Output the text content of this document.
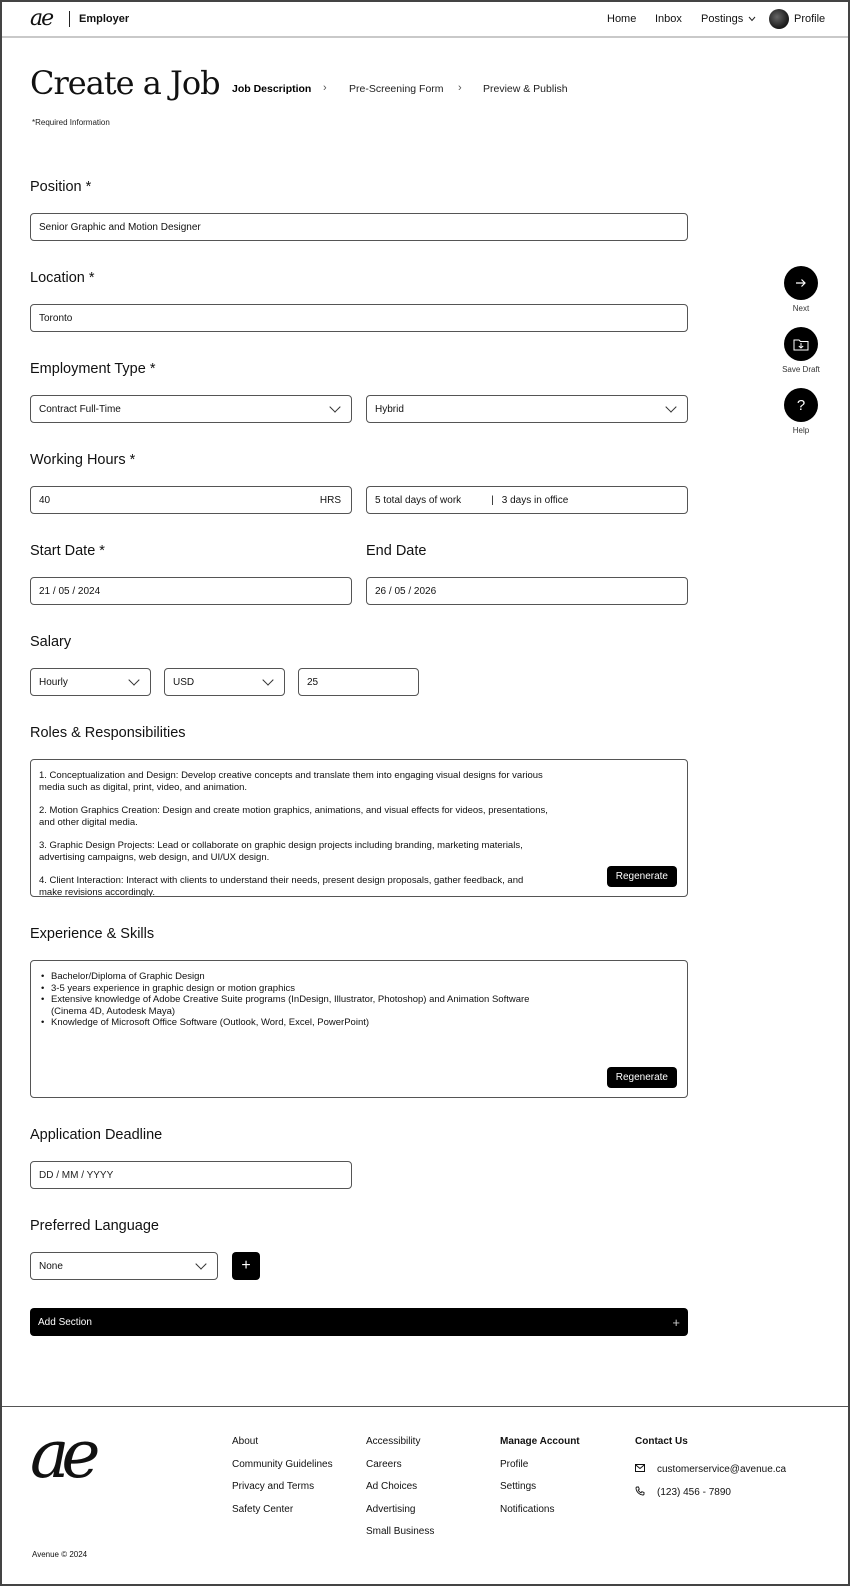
ae Employer	Home Inbox Postings	Profile
Create a Job
*Required Information
Job Description › Pre-Screening Form › Preview & Publish
Position *
Senior Graphic and Motion Designer
Location *
Toronto
Employment Type *
Contract Full-Time	Hybrid
Working Hours *
40	HRS	5 total days of work	| 3 days in office
Start Date *	End Date
21 / 05 / 2024	26 / 05 / 2026
Salary
Hourly	USD	25
Roles & Responsibilities

1. Conceptualization and Design: Develop creative concepts and translate them into engaging visual designs for various media such as digital, print, video, and animation.

2. Motion Graphics Creation: Design and create motion graphics, animations, and visual effects for videos, presentations, and other digital media.

3. Graphic Design Projects: Lead or collaborate on graphic design projects including branding, marketing materials, advertising campaigns, web design, and UI/UX design.

4. Client Interaction: Interact with clients to understand their needs, present design proposals, gather feedback, and make revisions accordingly.

Regenerate
Experience & Skills
• Bachelor/Diploma of Graphic Design
• 3-5 years experience in graphic design or motion graphics
• Extensive knowledge of Adobe Creative Suite programs (InDesign, Illustrator, Photoshop) and Animation Software (Cinema 4D, Autodesk Maya)
• Knowledge of Microsoft Office Software (Outlook, Word, Excel, PowerPoint)
Regenerate
Application Deadline
DD / MM / YYYY
Preferred Language
None	+
Add Section	+
Next
Save Draft
?
Help
ae	About
Community Guidelines
Privacy and Terms
Safety Center
Accessibility
Careers
Ad Choices
Advertising
Small Business
Manage Account
Profile
Settings
Notifications
Contact Us
customerservice@avenue.ca
(123) 456 - 7890
Avenue © 2024
